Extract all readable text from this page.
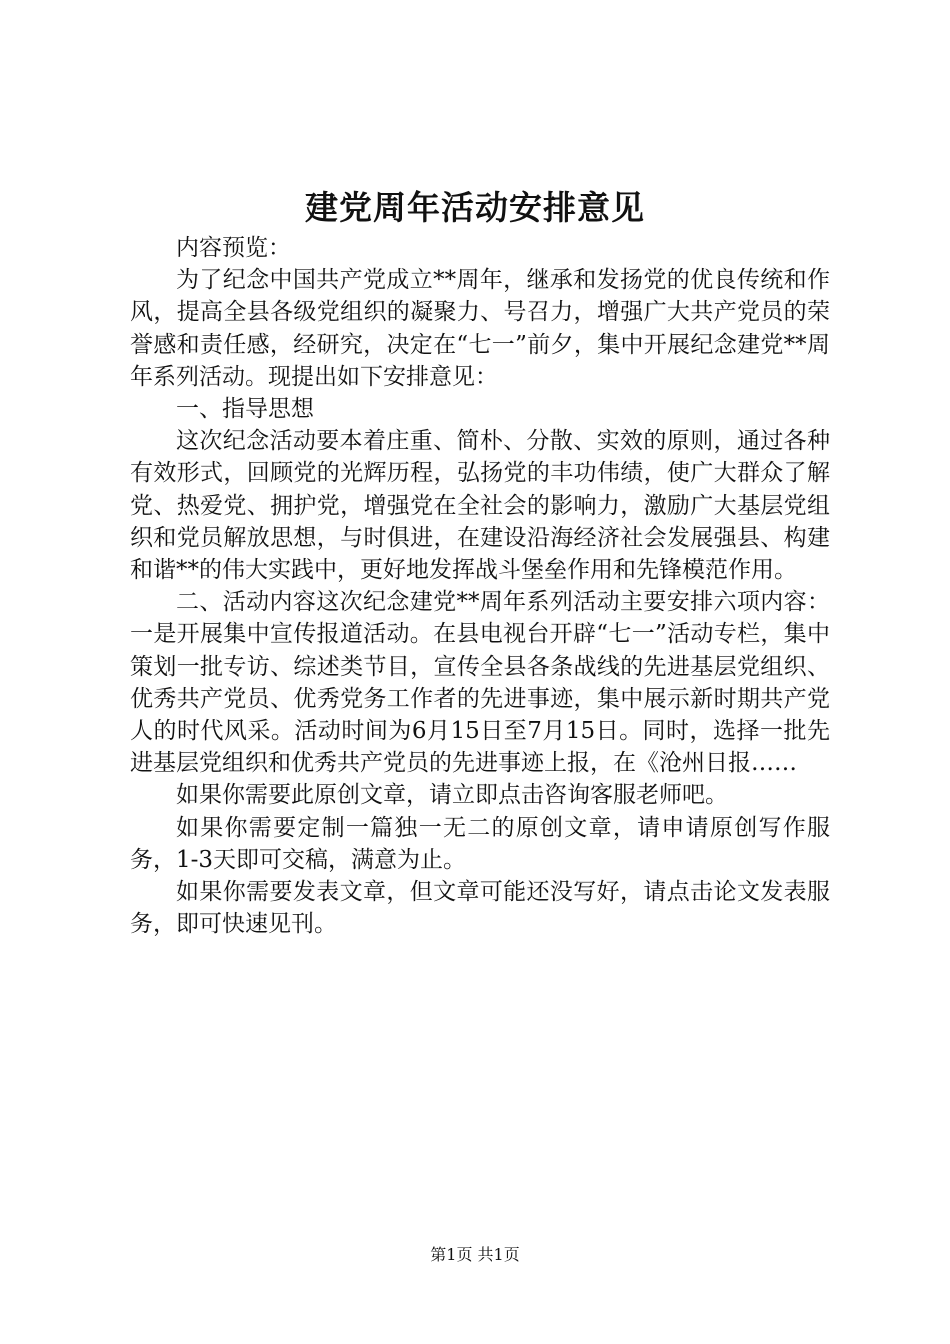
建党周年活动安排意见

内容预览：

为了纪念中国共产党成立**周年，继承和发扬党的优良传统和作风，提高全县各级党组织的凝聚力、号召力，增强广大共产党员的荣誉感和责任感，经研究，决定在“七一”前夕，集中开展纪念建党**周年系列活动。现提出如下安排意见：

一、指导思想

这次纪念活动要本着庄重、简朴、分散、实效的原则，通过各种有效形式，回顾党的光辉历程，弘扬党的丰功伟绩，使广大群众了解党、热爱党、拥护党，增强党在全社会的影响力，激励广大基层党组织和党员解放思想，与时俱进，在建设沿海经济社会发展强县、构建和谐**的伟大实践中，更好地发挥战斗堡垒作用和先锋模范作用。

二、活动内容这次纪念建党**周年系列活动主要安排六项内容：一是开展集中宣传报道活动。在县电视台开辟“七一”活动专栏，集中策划一批专访、综述类节目，宣传全县各条战线的先进基层党组织、优秀共产党员、优秀党务工作者的先进事迹，集中展示新时期共产党人的时代风采。活动时间为6月15日至7月15日。同时，选择一批先进基层党组织和优秀共产党员的先进事迹上报，在《沧州日报……

如果你需要此原创文章，请立即点击咨询客服老师吧。

如果你需要定制一篇独一无二的原创文章，请申请原创写作服务，1-3天即可交稿，满意为止。

如果你需要发表文章，但文章可能还没写好，请点击论文发表服务，即可快速见刊。

第1页 共1页
